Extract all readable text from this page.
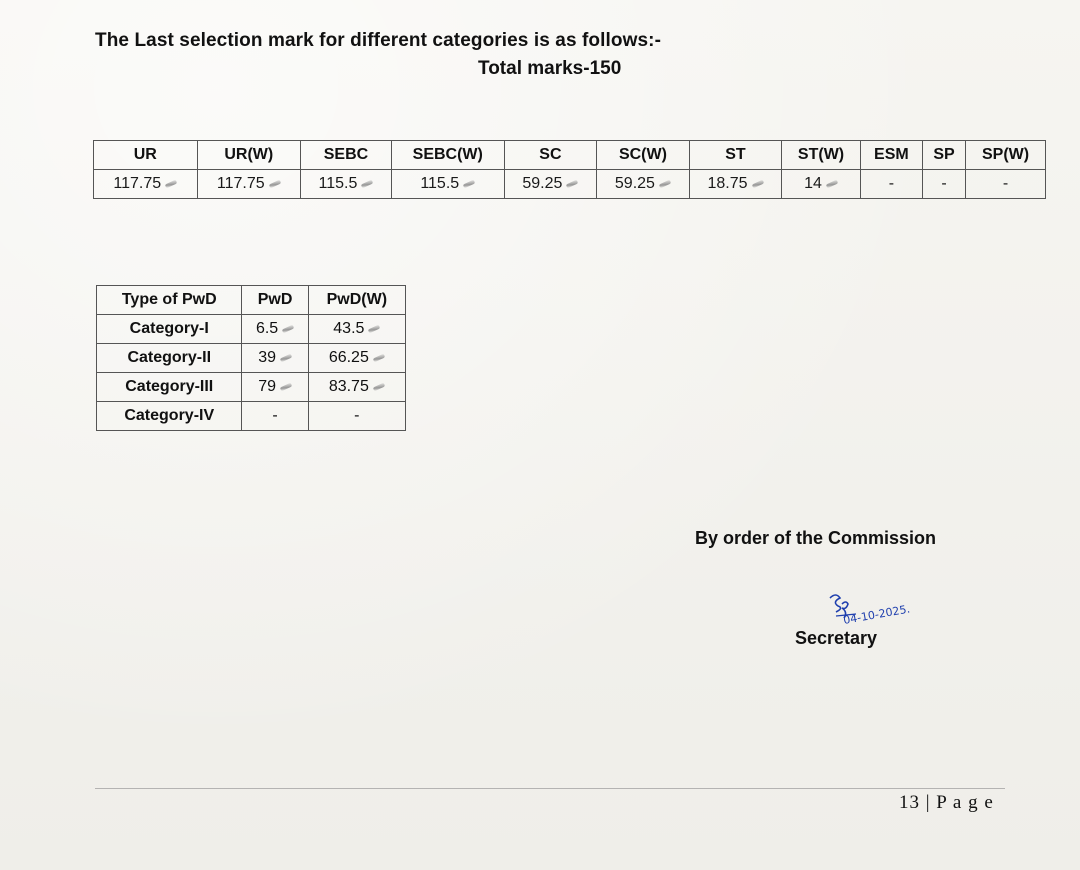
The Last selection mark for different categories is as follows:-
Total marks-150
UR	UR(W)	SEBC	SEBC(W)	SC	SC(W)	ST	ST(W)	ESM	SP	SP(W)
117.75	117.75	115.5	115.5	59.25	59.25	18.75	14	-	-	-
Type of PwD	PwD	PwD(W)
Category-I	6.5	43.5
Category-II	39	66.25
Category-III	79	83.75
Category-IV	-	-
By order of the Commission
04-10-2025.
Secretary
13 | P a g e
